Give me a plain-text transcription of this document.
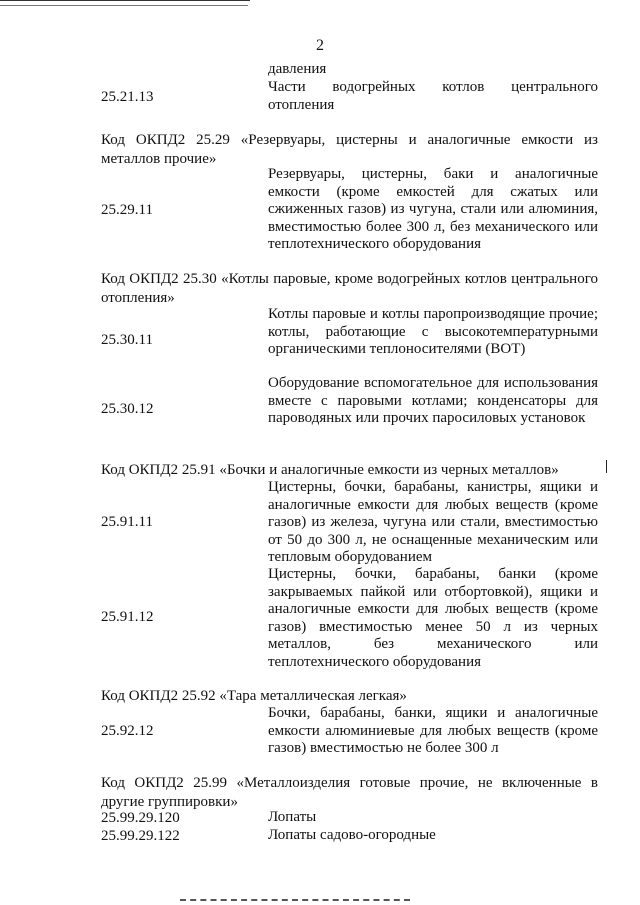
2
давления
25.21.13
Части водогрейных котлов центрального отопления
Код ОКПД2 25.29 «Резервуары, цистерны и аналогичные емкости из металлов прочие»
25.29.11
Резервуары, цистерны, баки и аналогичные емкости (кроме емкостей для сжатых или сжиженных газов) из чугуна, стали или алюминия, вместимостью более 300 л, без механического или теплотехнического оборудования
Код ОКПД2 25.30 «Котлы паровые, кроме водогрейных котлов центрального отопления»
25.30.11
Котлы паровые и котлы паропроизводящие прочие; котлы, работающие с высокотемпературными органическими теплоносителями (ВОТ)
25.30.12
Оборудование вспомогательное для использования вместе с паровыми котлами; конденсаторы для пароводяных или прочих паросиловых установок
Код ОКПД2 25.91 «Бочки и аналогичные емкости из черных металлов»
25.91.11
Цистерны, бочки, барабаны, канистры, ящики и аналогичные емкости для любых веществ (кроме газов) из железа, чугуна или стали, вместимостью от 50 до 300 л, не оснащенные механическим или тепловым оборудованием
25.91.12
Цистерны, бочки, барабаны, банки (кроме закрываемых пайкой или отбортовкой), ящики и аналогичные емкости для любых веществ (кроме газов) вместимостью менее 50 л из черных металлов, без механического или теплотехнического оборудования
Код ОКПД2 25.92 «Тара металлическая легкая»
25.92.12
Бочки, барабаны, банки, ящики и аналогичные емкости алюминиевые для любых веществ (кроме газов) вместимостью не более 300 л
Код ОКПД2 25.99 «Металлоизделия готовые прочие, не включенные в другие группировки»
25.99.29.120	Лопаты
25.99.29.122	Лопаты садово-огородные
